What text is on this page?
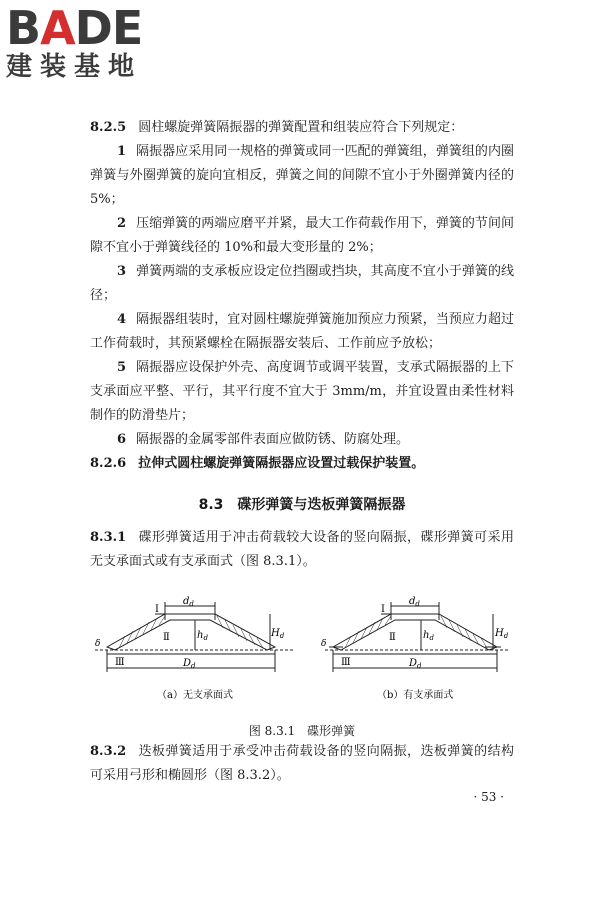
BADE
建装基地
8.2.5 圆柱螺旋弹簧隔振器的弹簧配置和组装应符合下列规定：
1 隔振器应采用同一规格的弹簧或同一匹配的弹簧组，弹簧组的内圈弹簧与外圈弹簧的旋向宜相反，弹簧之间的间隙不宜小于外圈弹簧内径的 5%；
2 压缩弹簧的两端应磨平并紧，最大工作荷载作用下，弹簧的节间间隙不宜小于弹簧线径的 10%和最大变形量的 2%；
3 弹簧两端的支承板应设定位挡圈或挡块，其高度不宜小于弹簧的线径；
4 隔振器组装时，宜对圆柱螺旋弹簧施加预应力预紧，当预应力超过工作荷载时，其预紧螺栓在隔振器安装后、工作前应予放松；
5 隔振器应设保护外壳、高度调节或调平装置，支承式隔振器的上下支承面应平整、平行，其平行度不宜大于 3mm/m，并宜设置由柔性材料制作的防滑垫片；
6 隔振器的金属零部件表面应做防锈、防腐处理。
8.2.6 拉伸式圆柱螺旋弹簧隔振器应设置过载保护装置。
8.3　碟形弹簧与迭板弹簧隔振器
8.3.1 碟形弹簧适用于冲击荷载较大设备的竖向隔振，碟形弹簧可采用无支承面式或有支承面式（图 8.3.1）。
Ⅰ
Ⅱ
Ⅲ
$d_d$
$h_d$	$H_d$
$D_d$
δ
（a）无支承面式
Ⅰ
Ⅱ
Ⅲ
$d_d$
$h_d$	$H_d$
$D_d$
δ
（b）有支承面式
图 8.3.1　碟形弹簧
8.3.2 迭板弹簧适用于承受冲击荷载设备的竖向隔振，迭板弹簧的结构可采用弓形和椭圆形（图 8.3.2）。
· 53 ·
